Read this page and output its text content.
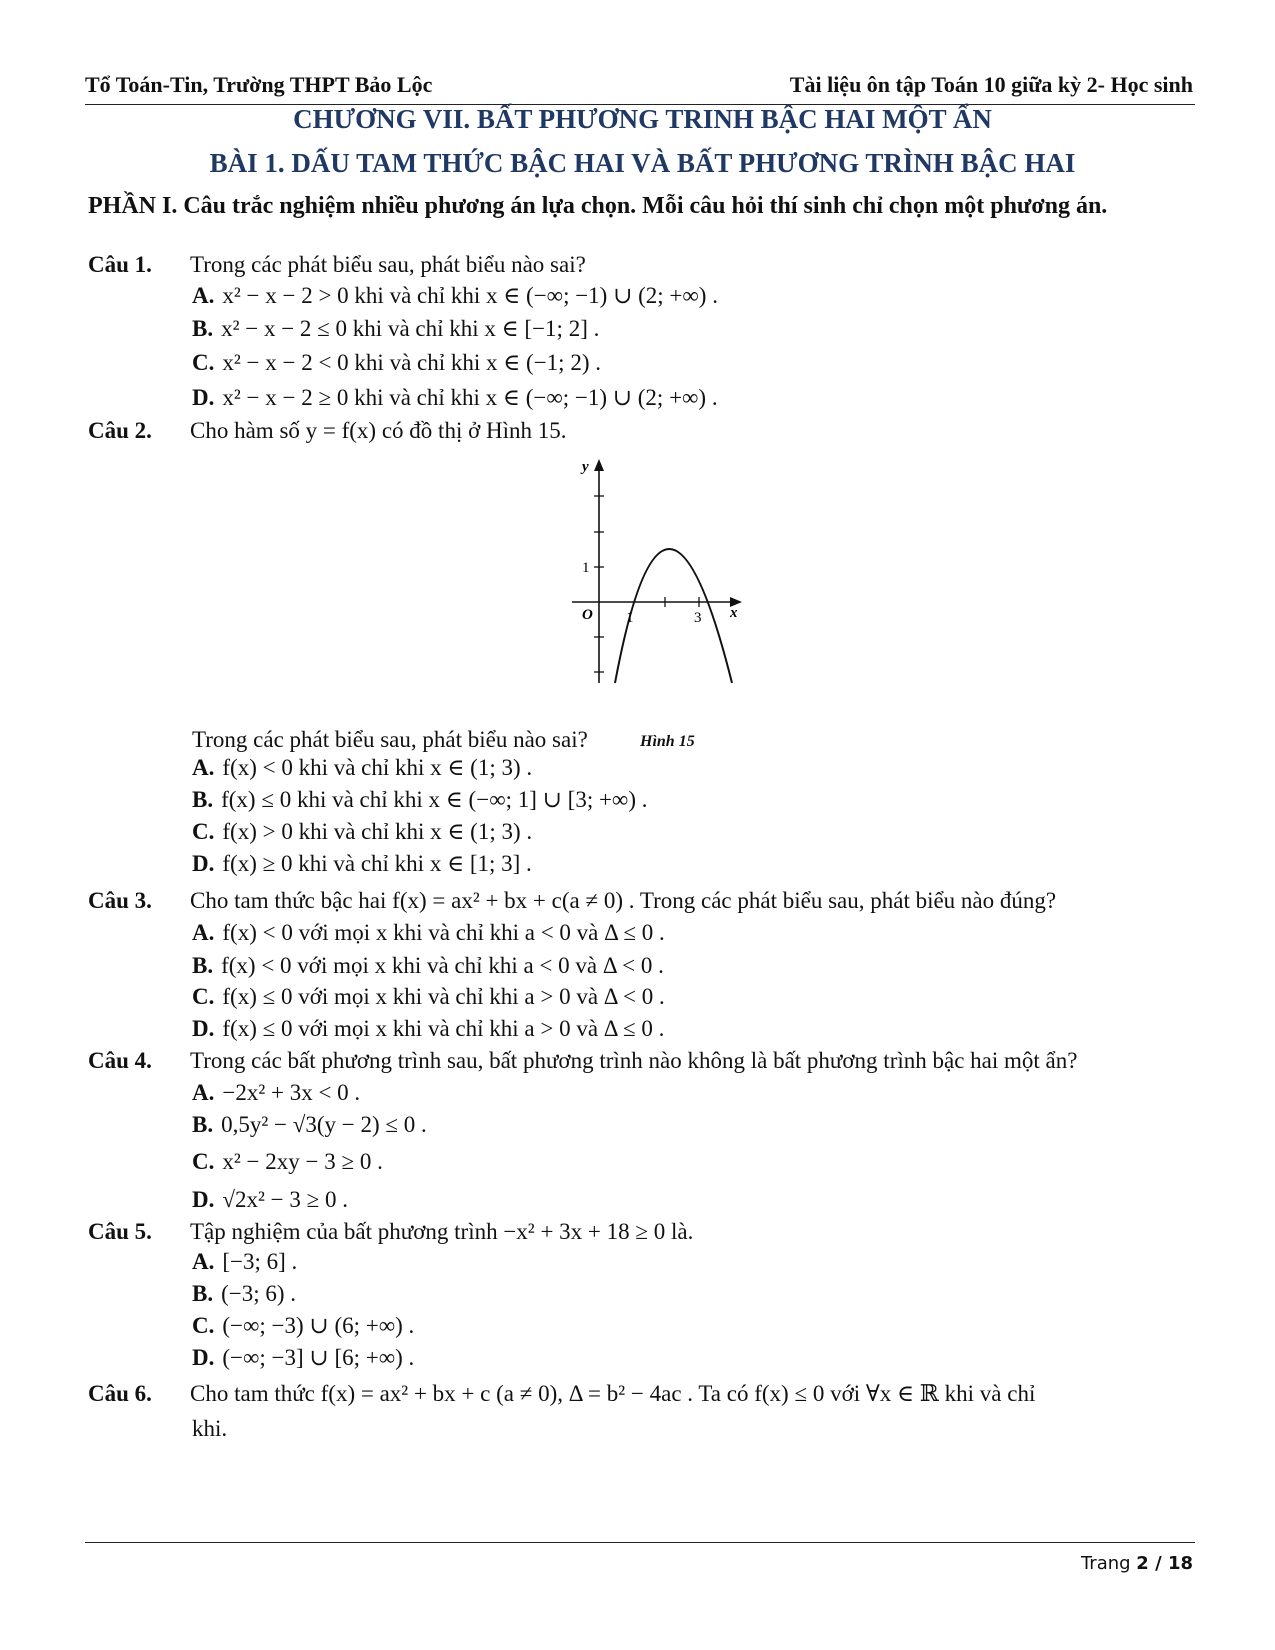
Tổ Toán-Tin, Trường THPT Bảo Lộc	Tài liệu ôn tập Toán 10 giữa kỳ 2- Học sinh
CHƯƠNG VII. BẤT PHƯƠNG TRINH BẬC HAI MỘT ẨN
BÀI 1. DẤU TAM THỨC BẬC HAI VÀ BẤT PHƯƠNG TRÌNH BẬC HAI
PHẦN I. Câu trắc nghiệm nhiều phương án lựa chọn. Mỗi câu hỏi thí sinh chỉ chọn một phương án.
Câu 1. Trong các phát biểu sau, phát biểu nào sai?
A. x² − x − 2 > 0 khi và chỉ khi x ∈ (−∞; −1) ∪ (2; +∞) .
B. x² − x − 2 ≤ 0 khi và chỉ khi x ∈ [−1; 2] .
C. x² − x − 2 < 0 khi và chỉ khi x ∈ (−1; 2) .
D. x² − x − 2 ≥ 0 khi và chỉ khi x ∈ (−∞; −1) ∪ (2; +∞) .
Câu 2. Cho hàm số y = f(x) có đồ thị ở Hình 15.
y
x
O 1	3
1
Hình 15
Trong các phát biểu sau, phát biểu nào sai?
A. f(x) < 0 khi và chỉ khi x ∈ (1; 3) .
B. f(x) ≤ 0 khi và chỉ khi x ∈ (−∞; 1] ∪ [3; +∞) .
C. f(x) > 0 khi và chỉ khi x ∈ (1; 3) .
D. f(x) ≥ 0 khi và chỉ khi x ∈ [1; 3] .
Câu 3. Cho tam thức bậc hai f(x) = ax² + bx + c(a ≠ 0) . Trong các phát biểu sau, phát biểu nào đúng?
A. f(x) < 0 với mọi x khi và chỉ khi a < 0 và Δ ≤ 0 .
B. f(x) < 0 với mọi x khi và chỉ khi a < 0 và Δ < 0 .
C. f(x) ≤ 0 với mọi x khi và chỉ khi a > 0 và Δ < 0 .
D. f(x) ≤ 0 với mọi x khi và chỉ khi a > 0 và Δ ≤ 0 .
Câu 4. Trong các bất phương trình sau, bất phương trình nào không là bất phương trình bậc hai một ẩn?
A. −2x² + 3x < 0 .
B. 0,5y² − √3(y − 2) ≤ 0 .
C. x² − 2xy − 3 ≥ 0 .
D. √2x² − 3 ≥ 0 .
Câu 5. Tập nghiệm của bất phương trình −x² + 3x + 18 ≥ 0 là.
A. [−3; 6] .
B. (−3; 6) .
C. (−∞; −3) ∪ (6; +∞) .
D. (−∞; −3] ∪ [6; +∞) .
Câu 6. Cho tam thức f(x) = ax² + bx + c (a ≠ 0), Δ = b² − 4ac . Ta có f(x) ≤ 0 với ∀x ∈ ℝ khi và chỉ
khi.
Trang 2 / 18
